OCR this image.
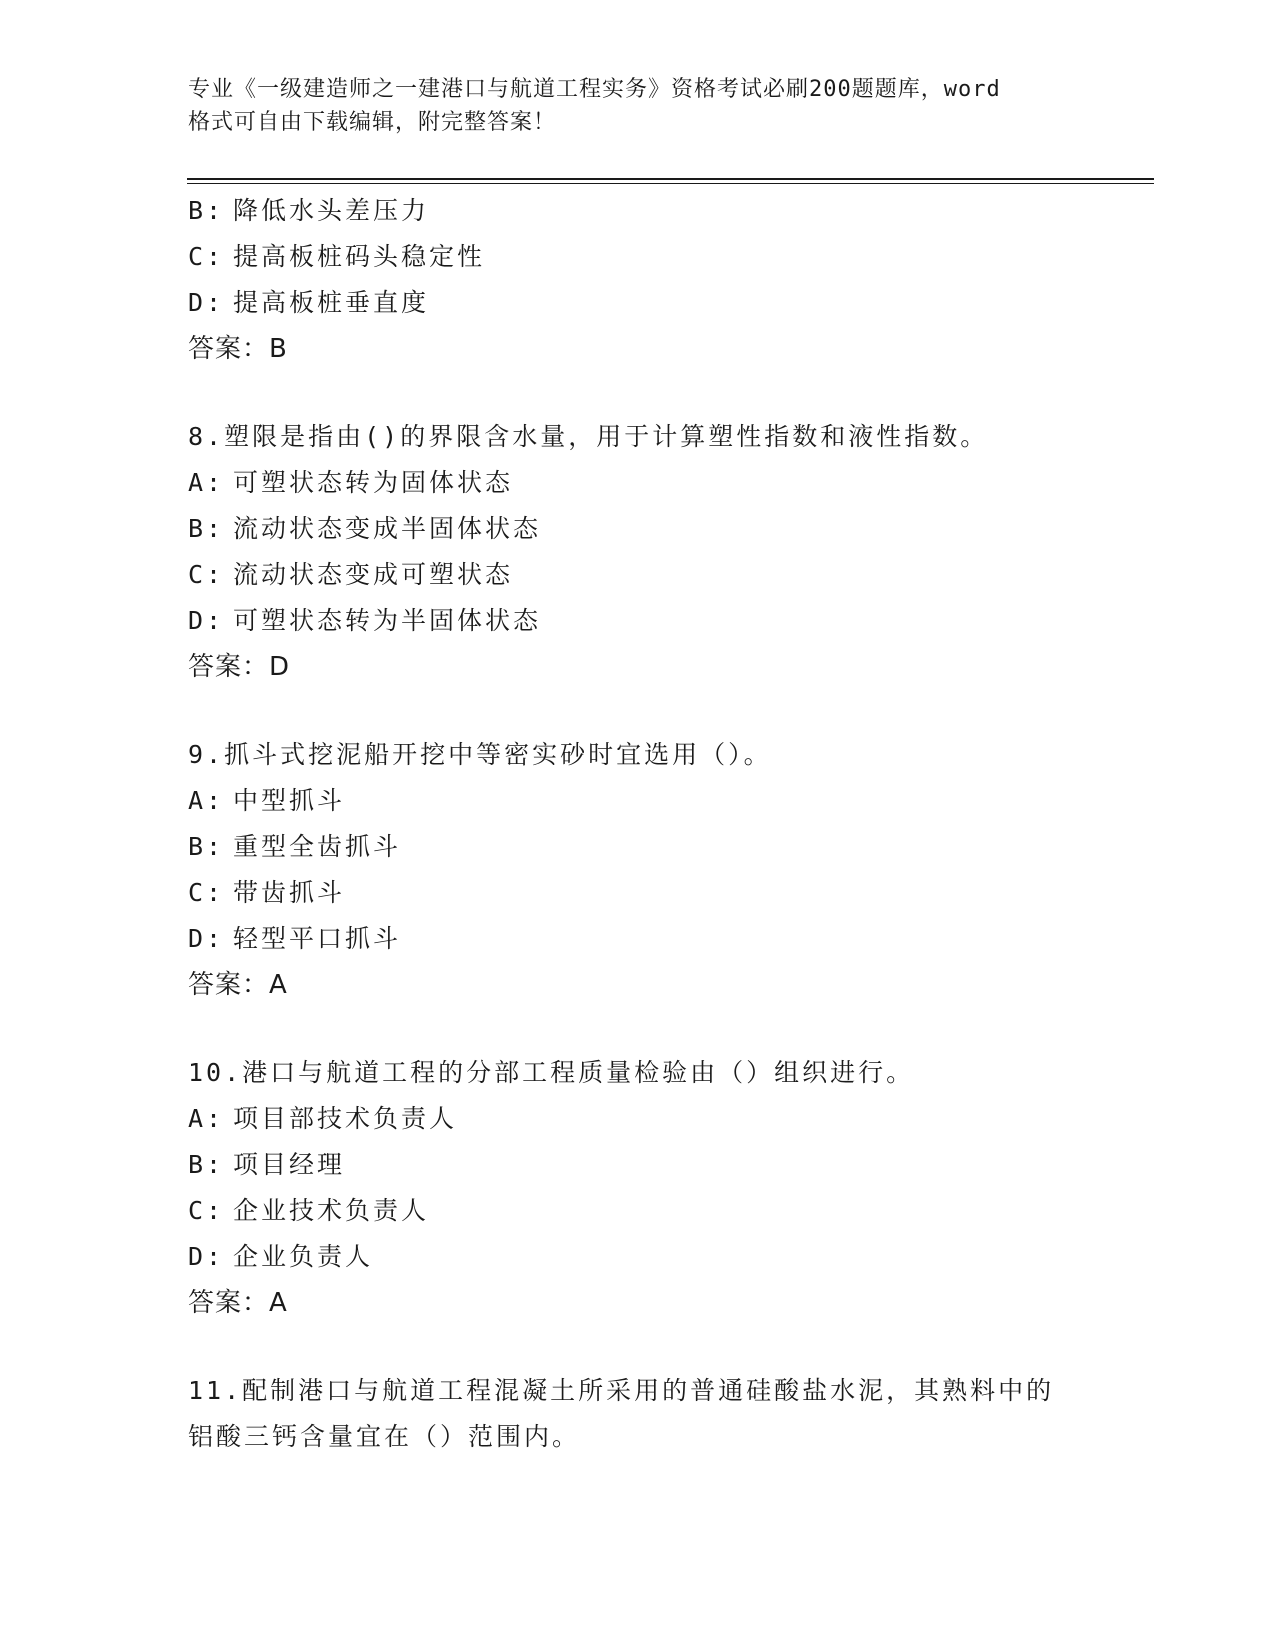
专业《一级建造师之一建港口与航道工程实务》资格考试必刷200题题库，word
格式可自由下载编辑，附完整答案！
B: 降低水头差压力
C: 提高板桩码头稳定性
D: 提高板桩垂直度
答案：B
8.塑限是指由()的界限含水量，用于计算塑性指数和液性指数。
A: 可塑状态转为固体状态
B: 流动状态变成半固体状态
C: 流动状态变成可塑状态
D: 可塑状态转为半固体状态
答案：D
9.抓斗式挖泥船开挖中等密实砂时宜选用（）。
A: 中型抓斗
B: 重型全齿抓斗
C: 带齿抓斗
D: 轻型平口抓斗
答案：A
10.港口与航道工程的分部工程质量检验由（）组织进行。
A: 项目部技术负责人
B: 项目经理
C: 企业技术负责人
D: 企业负责人
答案：A
11.配制港口与航道工程混凝土所采用的普通硅酸盐水泥，其熟料中的
铝酸三钙含量宜在（）范围内。
